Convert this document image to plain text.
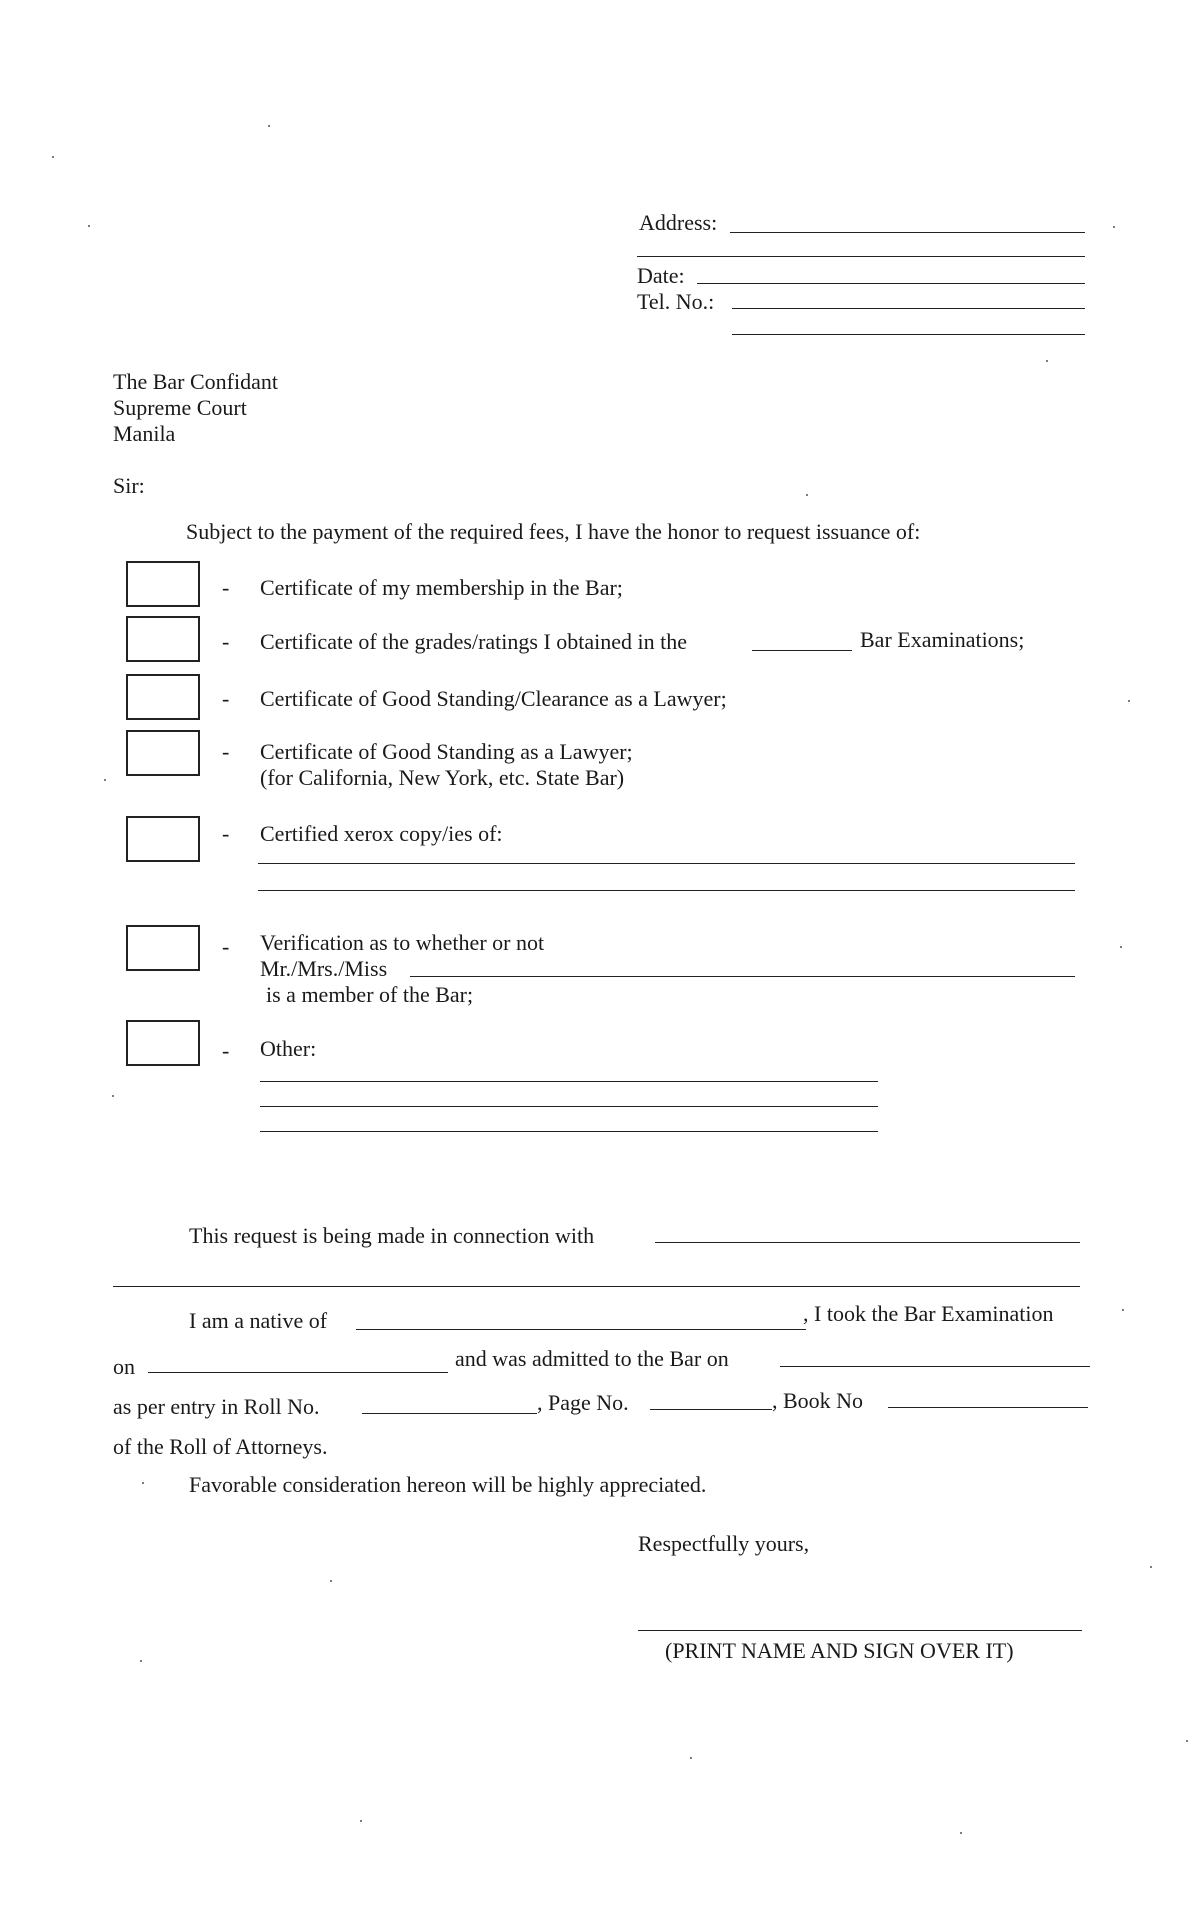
Address:
Date:
Tel. No.:
The Bar Confidant
Supreme Court
Manila
Sir:
Subject to the payment of the required fees, I have the honor to request issuance of:
- Certificate of my membership in the Bar;
- Certificate of the grades/ratings I obtained in the	Bar Examinations;
- Certificate of Good Standing/Clearance as a Lawyer;
- Certificate of Good Standing as a Lawyer;
(for California, New York, etc. State Bar)
- Certified xerox copy/ies of:
- Verification as to whether or not
Mr./Mrs./Miss
is a member of the Bar;
- Other:
This request is being made in connection with
I am a native of	, I took the Bar Examination
on	and was admitted to the Bar on
as per entry in Roll No.	, Page No.	, Book No
of the Roll of Attorneys.
Favorable consideration hereon will be highly appreciated.
Respectfully yours,
(PRINT NAME AND SIGN OVER IT)
